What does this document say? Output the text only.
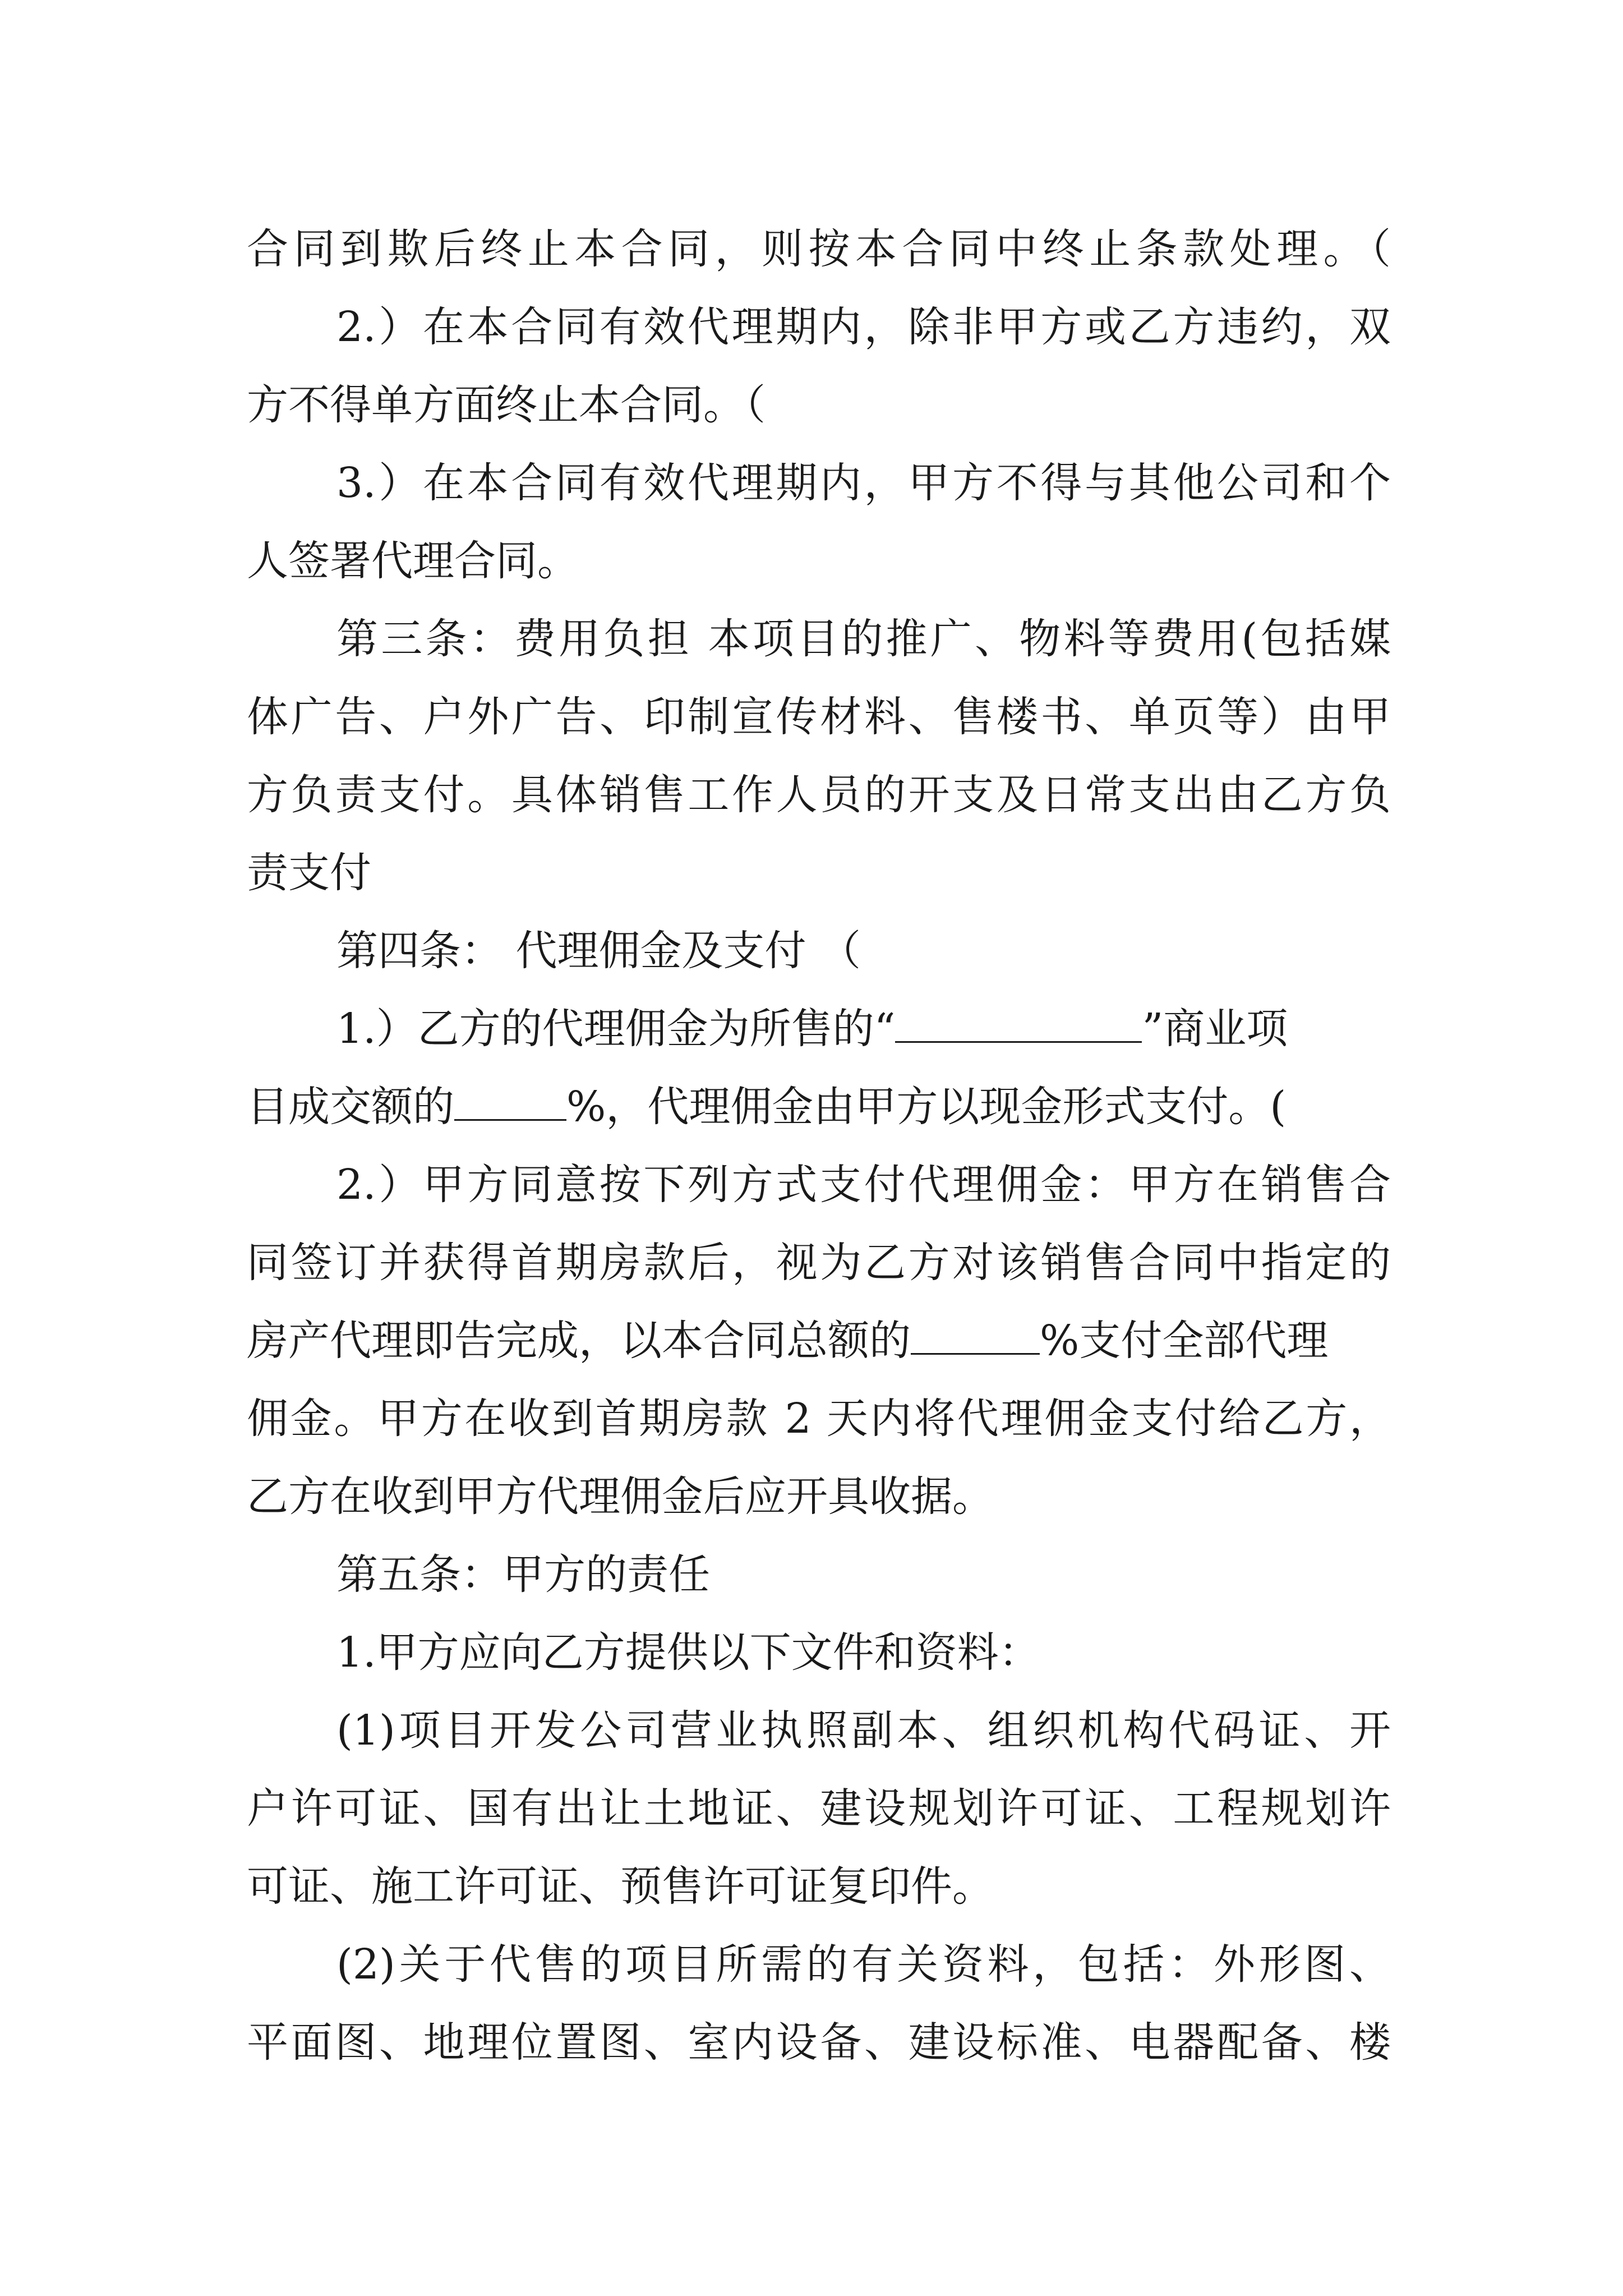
合同到欺后终止本合同，则按本合同中终止条款处理。（
2.）在本合同有效代理期内，除非甲方或乙方违约，双
方不得单方面终止本合同。（
3.）在本合同有效代理期内，甲方不得与其他公司和个
人签署代理合同。
第三条：费用负担 本项目的推广、物料等费用(包括媒
体广告、户外广告、印制宣传材料、售楼书、单页等）由甲
方负责支付。具体销售工作人员的开支及日常支出由乙方负
责支付
第四条： 代理佣金及支付 （
1.）乙方的代理佣金为所售的“	”商业项
目成交额的	%，代理佣金由甲方以现金形式支付。(
2.）甲方同意按下列方式支付代理佣金：甲方在销售合
同签订并获得首期房款后，视为乙方对该销售合同中指定的
房产代理即告完成，以本合同总额的	%支付全部代理
佣金。甲方在收到首期房款 2 天内将代理佣金支付给乙方，
乙方在收到甲方代理佣金后应开具收据。
第五条：甲方的责任
1.甲方应向乙方提供以下文件和资料：
(1)项目开发公司营业执照副本、组织机构代码证、开
户许可证、国有出让土地证、建设规划许可证、工程规划许
可证、施工许可证、预售许可证复印件。
(2)关于代售的项目所需的有关资料，包括：外形图、
平面图、地理位置图、室内设备、建设标准、电器配备、楼
